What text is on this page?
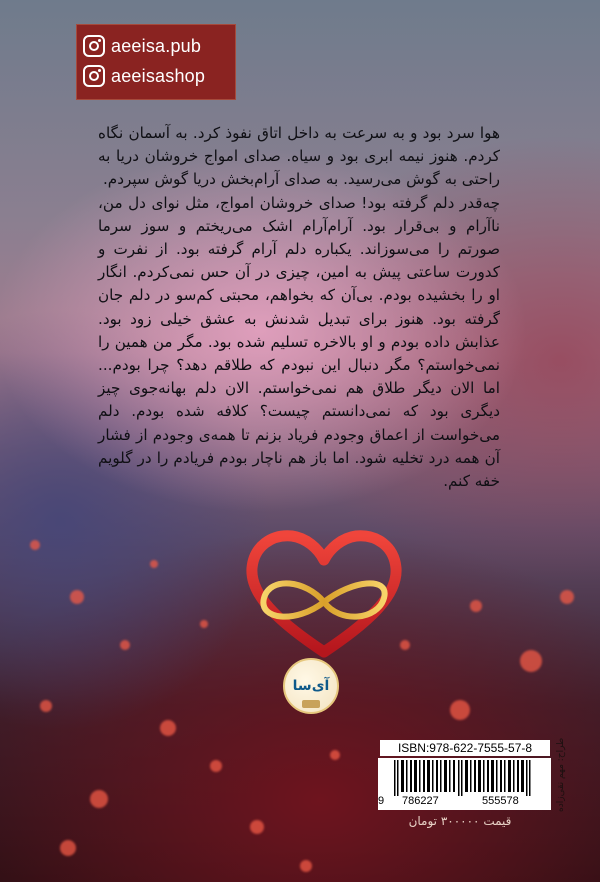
aeeisa.pub
aeeisashop

هوا سرد بود و به سرعت به داخل اتاق نفوذ کرد. به آسمان نگاه کردم. هنوز نیمه ابری بود و سیاه. صدای امواج خروشان دریا به راحتی به گوش می‌رسید. به صدای آرام‌بخش دریا گوش سپردم.

چه‌قدر دلم گرفته بود! صدای خروشان امواج، مثل نوای دل من، ناآرام و بی‌قرار بود. آرام‌آرام اشک می‌ریختم و سوز سرما صورتم را می‌سوزاند. یکباره دلم آرام گرفته بود. از نفرت و کدورت ساعتی پیش به امین، چیزی در آن حس نمی‌کردم. انگار او را بخشیده بودم. بی‌آن که بخواهم، محبتی کم‌سو در دلم جان گرفته بود. هنوز برای تبدیل شدنش به عشق خیلی زود بود. عذابش داده بودم و او بالاخره تسلیم شده بود. مگر من همین را نمی‌خواستم؟ مگر دنبال این نبودم که طلاقم دهد؟ چرا بودم... اما الان دیگر طلاق هم نمی‌خواستم. الان دلم بهانه‌جوی چیز دیگری بود که نمی‌دانستم چیست؟ کلافه شده بودم. دلم می‌خواست از اعماق وجودم فریاد بزنم تا همه‌ی وجودم از فشار آن همه درد تخلیه شود. اما باز هم ناچار بودم فریادم را در گلویم خفه کنم.

آی‌سا
ISBN:978-622-7555-57-8
9 786227	555578	طراح: مهم نقی‌زاده
قیمت ۳۰۰۰۰۰ تومان
